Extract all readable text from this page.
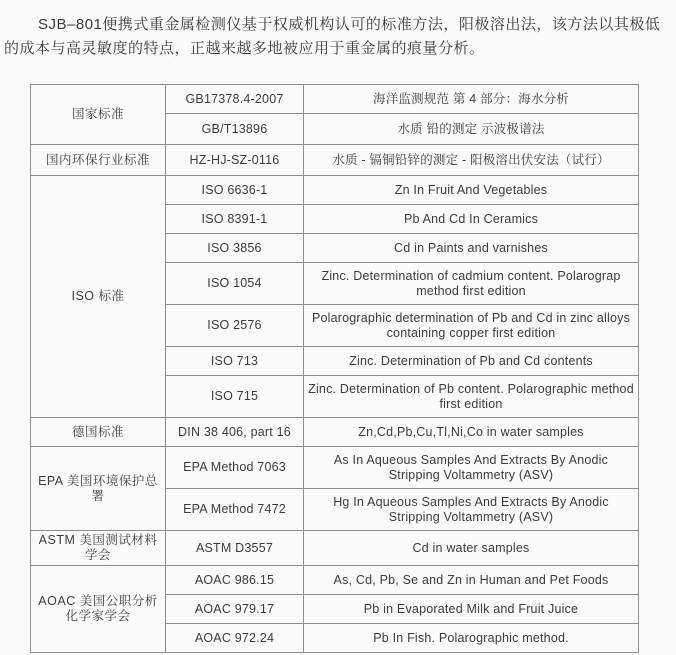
SJB–801便携式重金属检测仪基于权威机构认可的标准方法，阳极溶出法，该方法以其极低的成本与高灵敏度的特点，正越来越多地被应用于重金属的痕量分析。

国家标准	GB17378.4-2007	海洋监测规范 第 4 部分：海水分析
	GB/T13896	水质 铅的测定 示波极谱法
国内环保行业标准	HZ-HJ-SZ-0116	水质 - 镉铜铅锌的测定 - 阳极溶出伏安法（试行）
ISO 标准	ISO 6636-1	Zn In Fruit And Vegetables
	ISO 8391-1	Pb And Cd In Ceramics
	ISO 3856	Cd in Paints and varnishes
	ISO 1054	Zinc. Determination of cadmium content. Polarograp method first edition
	ISO 2576	Polarographic determination of Pb and Cd in zinc alloys containing copper first edition
	ISO 713	Zinc. Determination of Pb and Cd contents
	ISO 715	Zinc. Determination of Pb content. Polarographic method first edition
德国标准	DIN 38 406, part 16	Zn,Cd,Pb,Cu,Tl,Ni,Co in water samples
EPA 美国环境保护总署	EPA Method 7063	As In Aqueous Samples And Extracts By Anodic Stripping Voltammetry (ASV)
	EPA Method 7472	Hg In Aqueous Samples And Extracts By Anodic Stripping Voltammetry (ASV)
ASTM 美国测试材料学会	ASTM D3557	Cd in water samples
AOAC 美国公职分析化学家学会	AOAC 986.15	As, Cd, Pb, Se and Zn in Human and Pet Foods
	AOAC 979.17	Pb in Evaporated Milk and Fruit Juice
	AOAC 972.24	Pb In Fish. Polarographic method.
